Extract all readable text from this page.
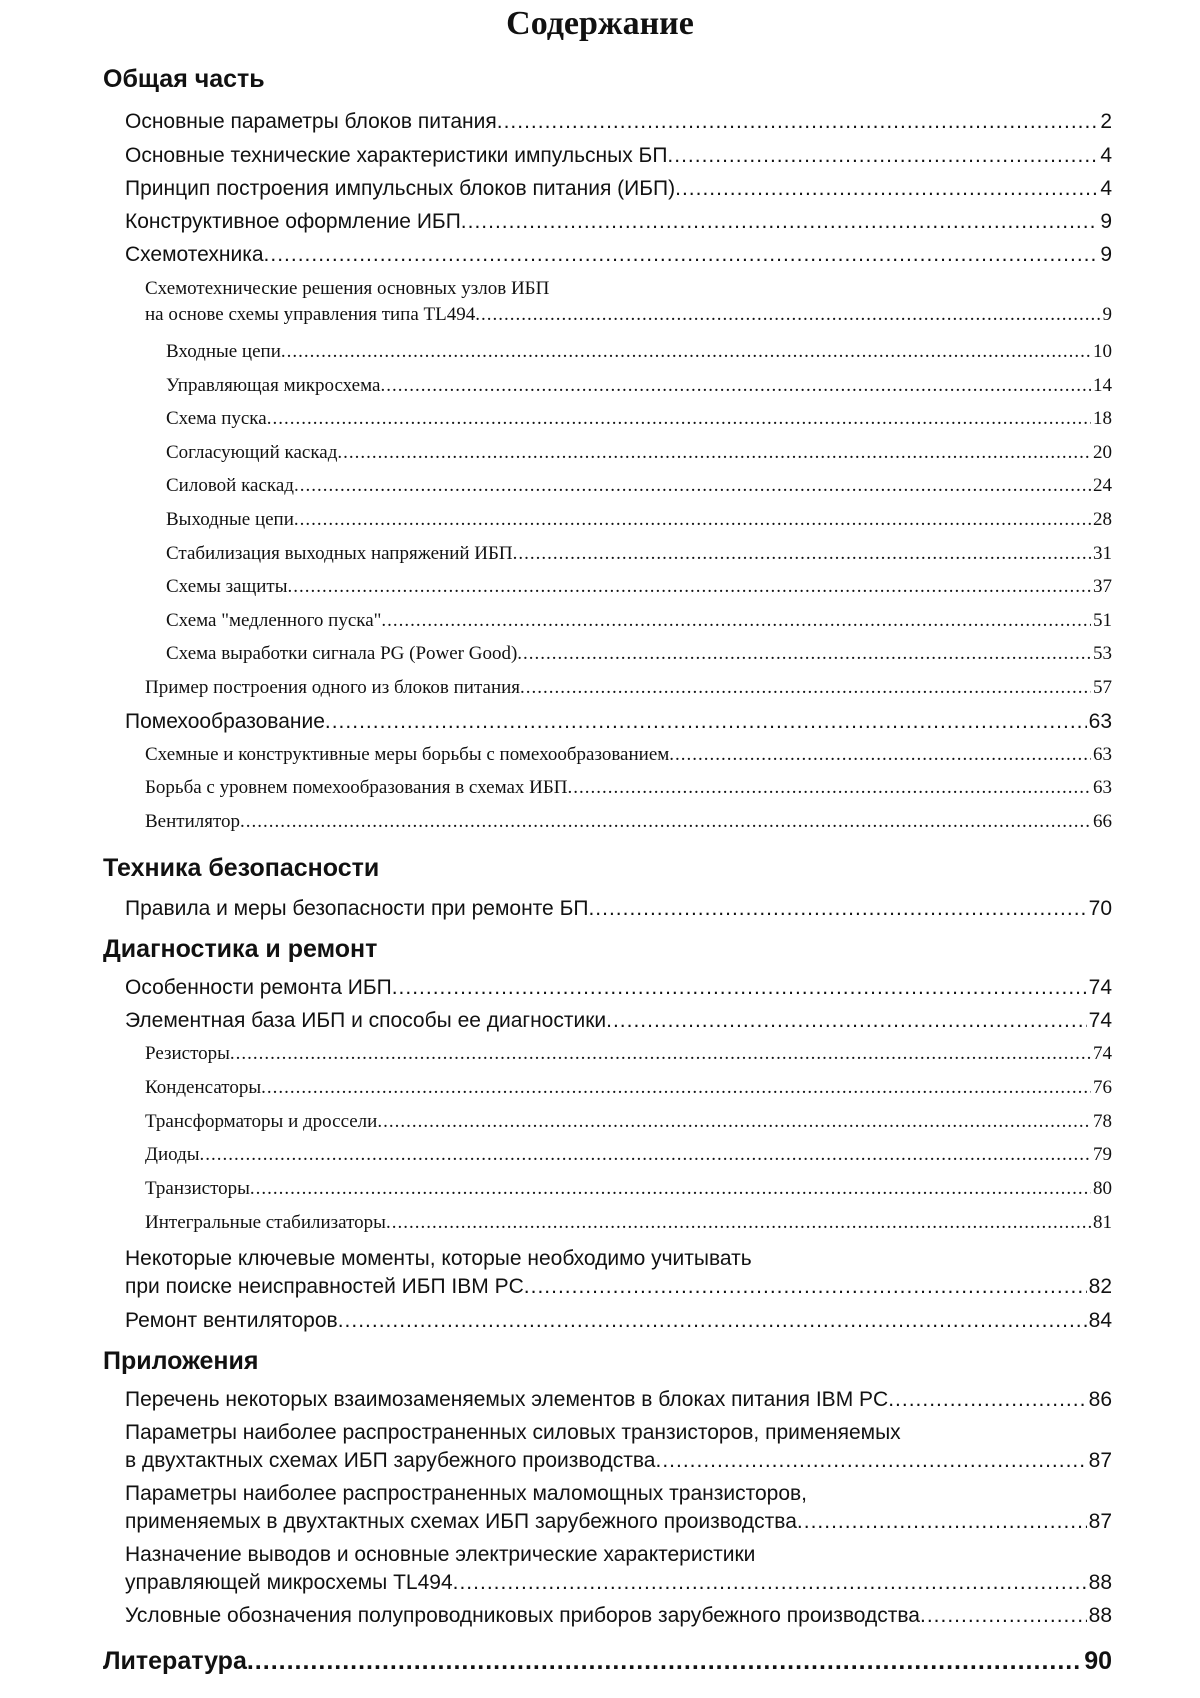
Содержание
Общая часть
Основные параметры блоков питания .....	2
Основные технические характеристики импульсных БП .....	4
Принцип построения импульсных блоков питания (ИБП) .....	4
Конструктивное оформление ИБП .....	9
Схемотехника .....	9
Схемотехнические решения основных узлов ИБП
на основе схемы управления типа TL494 .....	9
Входные цепи .....	10
Управляющая микросхема .....	14
Схема пуска .....	18
Согласующий каскад .....	20
Силовой каскад .....	24
Выходные цепи .....	28
Стабилизация выходных напряжений ИБП .....	31
Схемы защиты .....	37
Схема "медленного пуска" .....	51
Схема выработки сигнала PG (Power Good) .....	53
Пример построения одного из блоков питания .....	57
Помехообразование .....	63
Схемные и конструктивные меры борьбы с помехообразованием .....	63
Борьба с уровнем помехообразования в схемах ИБП .....	63
Вентилятор .....	66
Техника безопасности
Правила и меры безопасности при ремонте БП .....	70
Диагностика и ремонт
Особенности ремонта ИБП .....	74
Элементная база ИБП и способы ее диагностики .....	74
Резисторы .....	74
Конденсаторы .....	76
Трансформаторы и дроссели .....	78
Диоды .....	79
Транзисторы .....	80
Интегральные стабилизаторы .....	81
Некоторые ключевые моменты, которые необходимо учитывать
при поиске неисправностей ИБП IBM PC .....	82
Ремонт вентиляторов .....	84
Приложения
Перечень некоторых взаимозаменяемых элементов в блоках питания IBM PC .....	86
Параметры наиболее распространенных силовых транзисторов, применяемых
в двухтактных схемах ИБП зарубежного производства .....	87
Параметры наиболее распространенных маломощных транзисторов,
применяемых в двухтактных схемах ИБП зарубежного производства .....	87
Назначение выводов и основные электрические характеристики
управляющей микросхемы TL494 .....	88
Условные обозначения полупроводниковых приборов зарубежного производства .....	88
Литература .....	90
